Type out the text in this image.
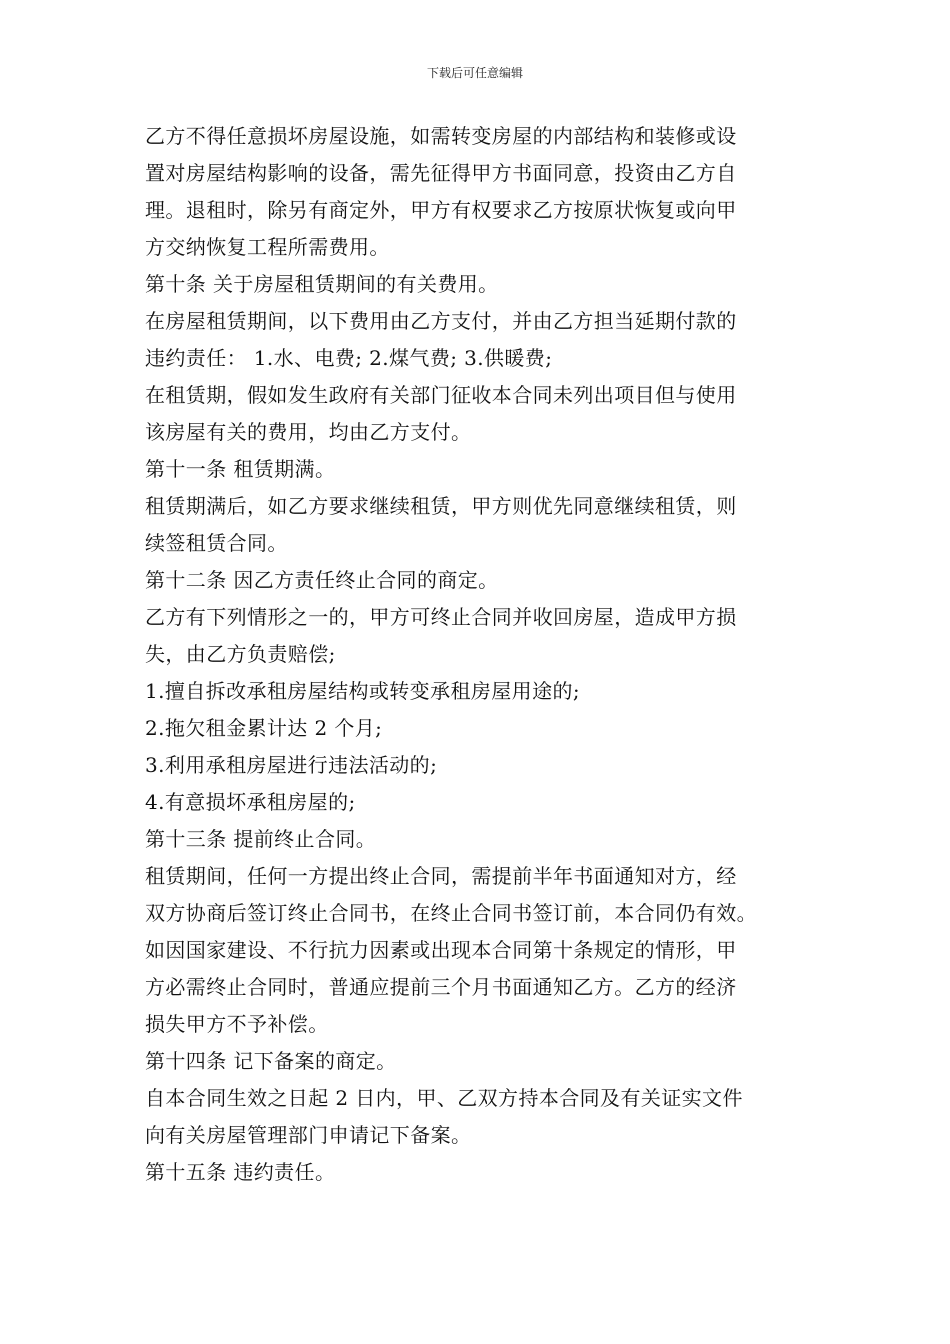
下载后可任意编辑
乙方不得任意损坏房屋设施，如需转变房屋的内部结构和装修或设
置对房屋结构影响的设备，需先征得甲方书面同意，投资由乙方自
理。退租时，除另有商定外，甲方有权要求乙方按原状恢复或向甲
方交纳恢复工程所需费用。
第十条 关于房屋租赁期间的有关费用。
在房屋租赁期间，以下费用由乙方支付，并由乙方担当延期付款的
违约责任： 1.水、电费; 2.煤气费; 3.供暖费;
在租赁期，假如发生政府有关部门征收本合同未列出项目但与使用
该房屋有关的费用，均由乙方支付。
第十一条 租赁期满。
租赁期满后，如乙方要求继续租赁，甲方则优先同意继续租赁，则
续签租赁合同。
第十二条 因乙方责任终止合同的商定。
乙方有下列情形之一的，甲方可终止合同并收回房屋，造成甲方损
失，由乙方负责赔偿;
1.擅自拆改承租房屋结构或转变承租房屋用途的;
2.拖欠租金累计达 2 个月;
3.利用承租房屋进行违法活动的;
4.有意损坏承租房屋的;
第十三条 提前终止合同。
租赁期间，任何一方提出终止合同，需提前半年书面通知对方，经
双方协商后签订终止合同书，在终止合同书签订前，本合同仍有效。
如因国家建设、不行抗力因素或出现本合同第十条规定的情形，甲
方必需终止合同时，普通应提前三个月书面通知乙方。乙方的经济
损失甲方不予补偿。
第十四条 记下备案的商定。
自本合同生效之日起 2 日内，甲、乙双方持本合同及有关证实文件
向有关房屋管理部门申请记下备案。
第十五条 违约责任。
